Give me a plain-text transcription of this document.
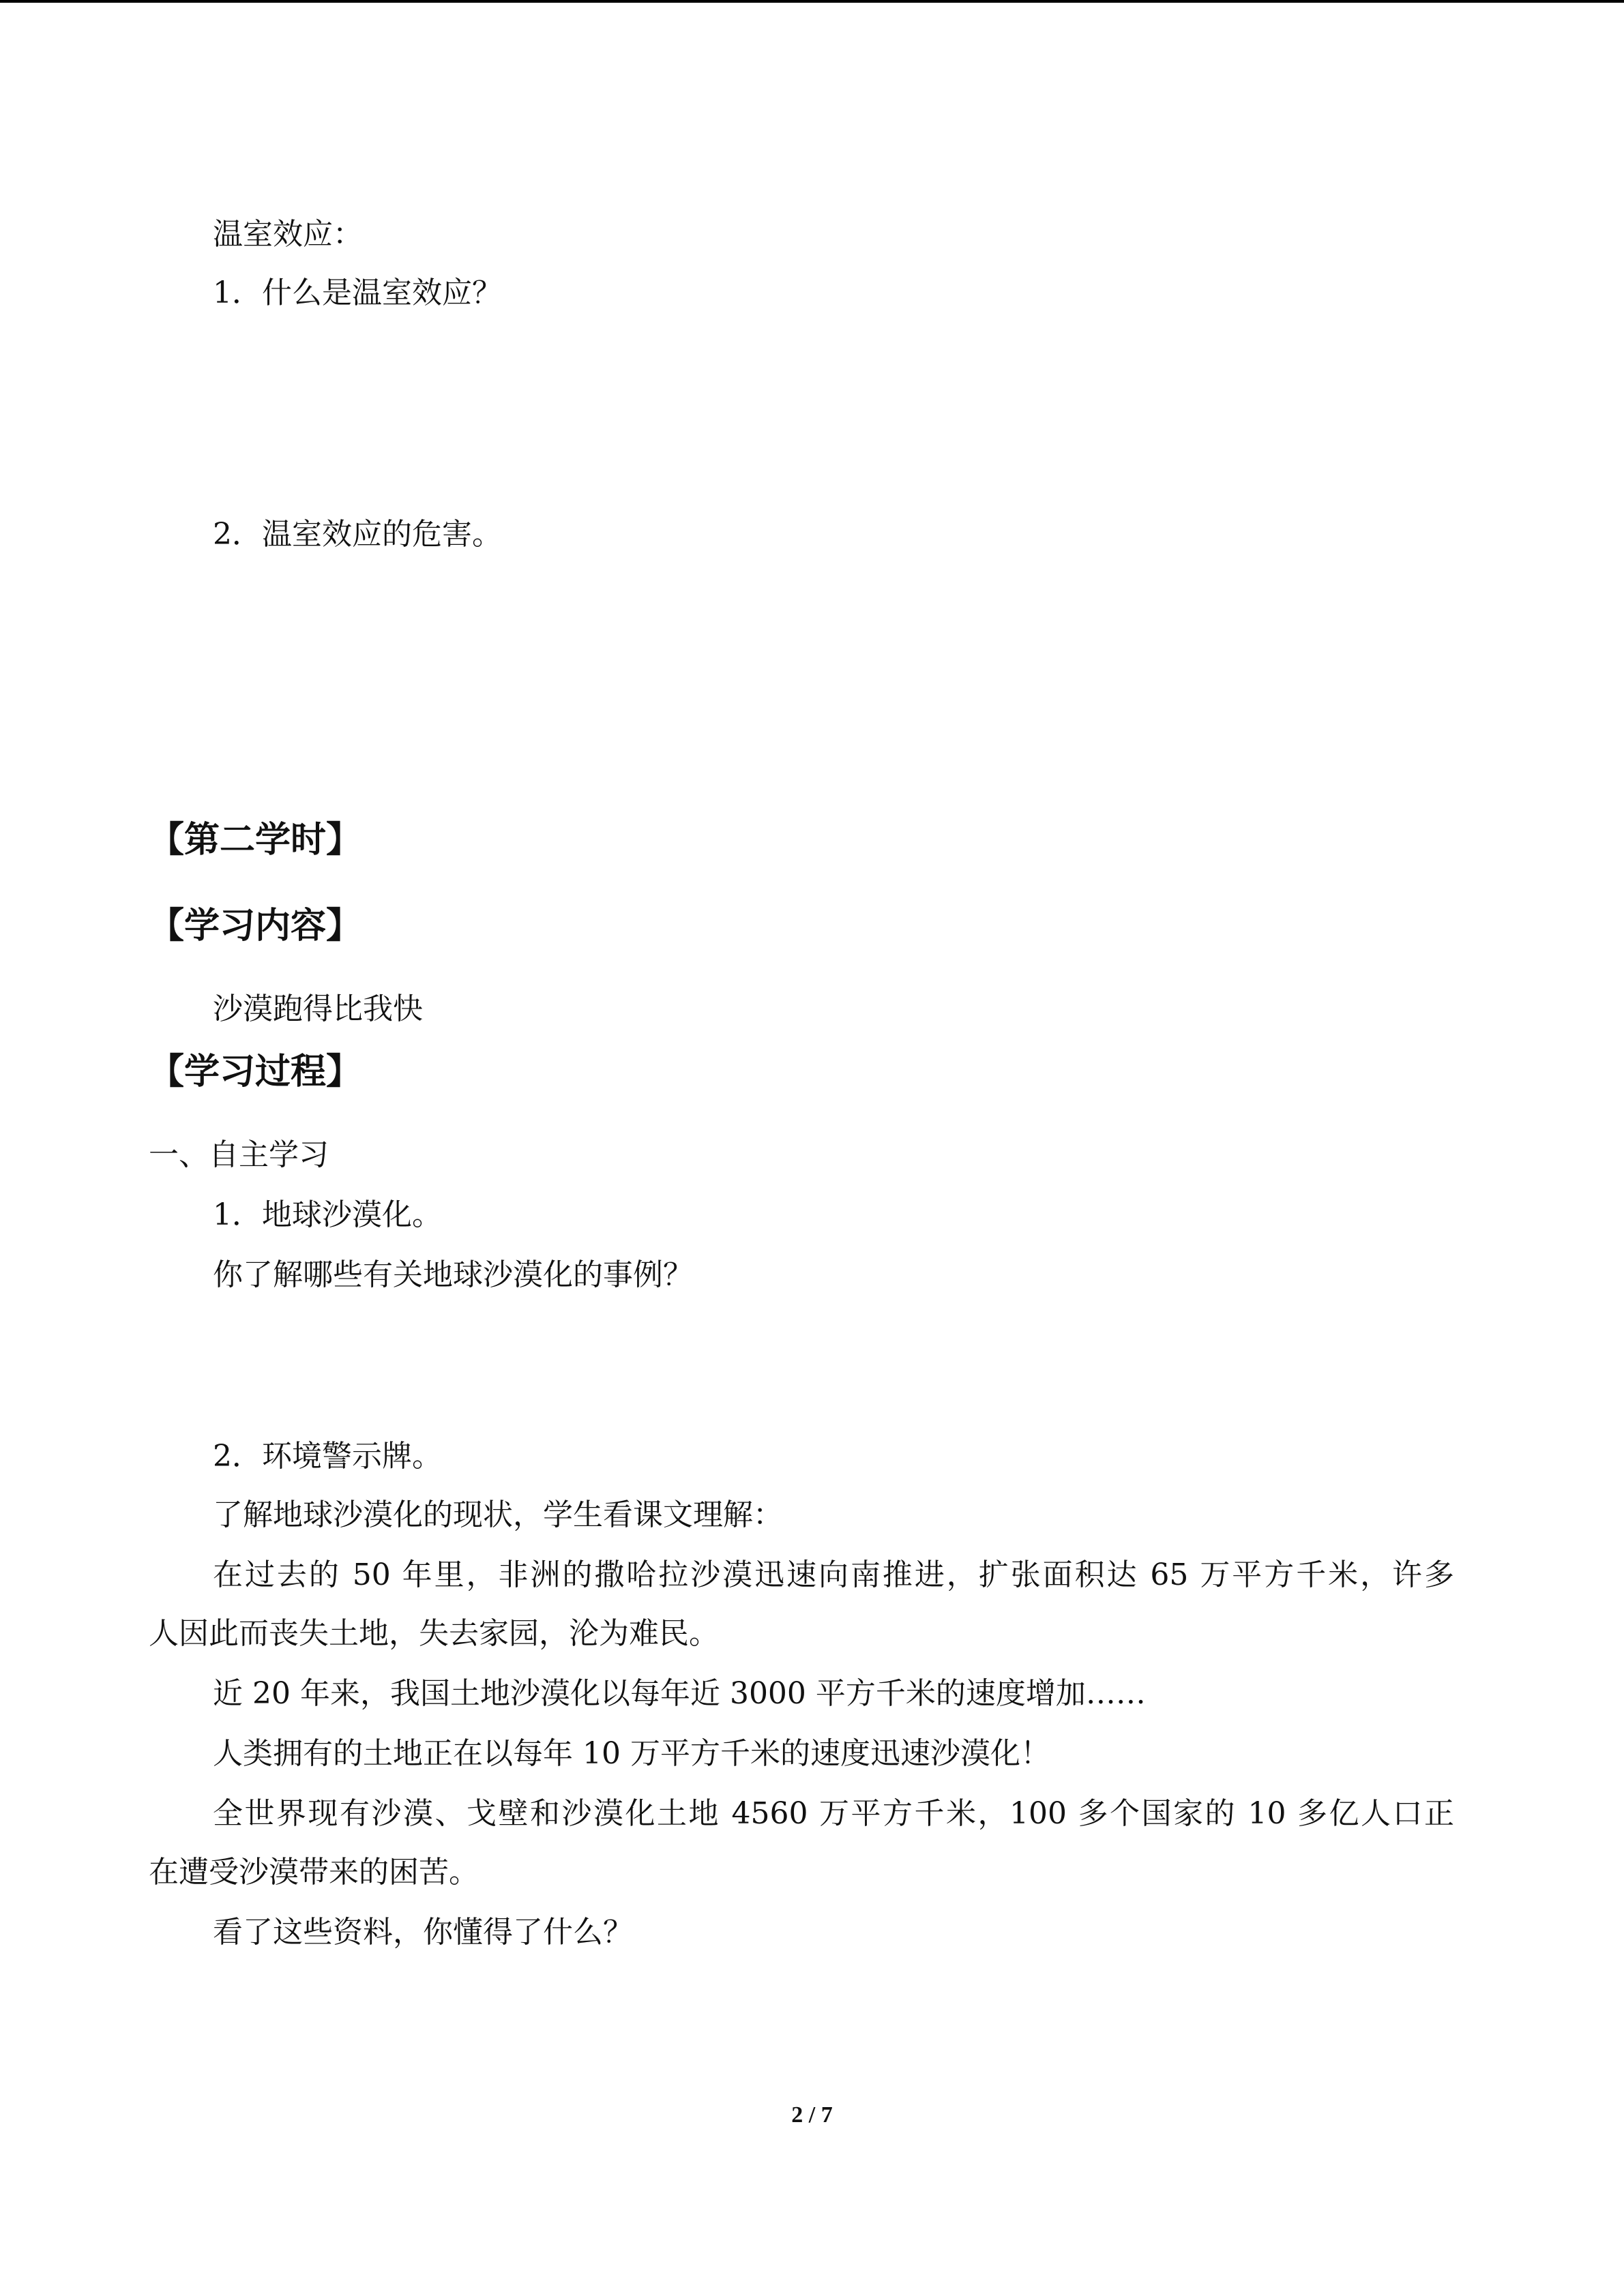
温室效应：

1．什么是温室效应？

2．温室效应的危害。

【第二学时】

【学习内容】

沙漠跑得比我快

【学习过程】

一、自主学习

1．地球沙漠化。

你了解哪些有关地球沙漠化的事例？

2．环境警示牌。

了解地球沙漠化的现状，学生看课文理解：

在过去的 50 年里，非洲的撒哈拉沙漠迅速向南推进，扩张面积达 65 万平方千米，许多

人因此而丧失土地，失去家园，沦为难民。

近 20 年来，我国土地沙漠化以每年近 3000 平方千米的速度增加……

人类拥有的土地正在以每年 10 万平方千米的速度迅速沙漠化！

全世界现有沙漠、戈壁和沙漠化土地 4560 万平方千米，100 多个国家的 10 多亿人口正

在遭受沙漠带来的困苦。

看了这些资料，你懂得了什么？

2 / 7
